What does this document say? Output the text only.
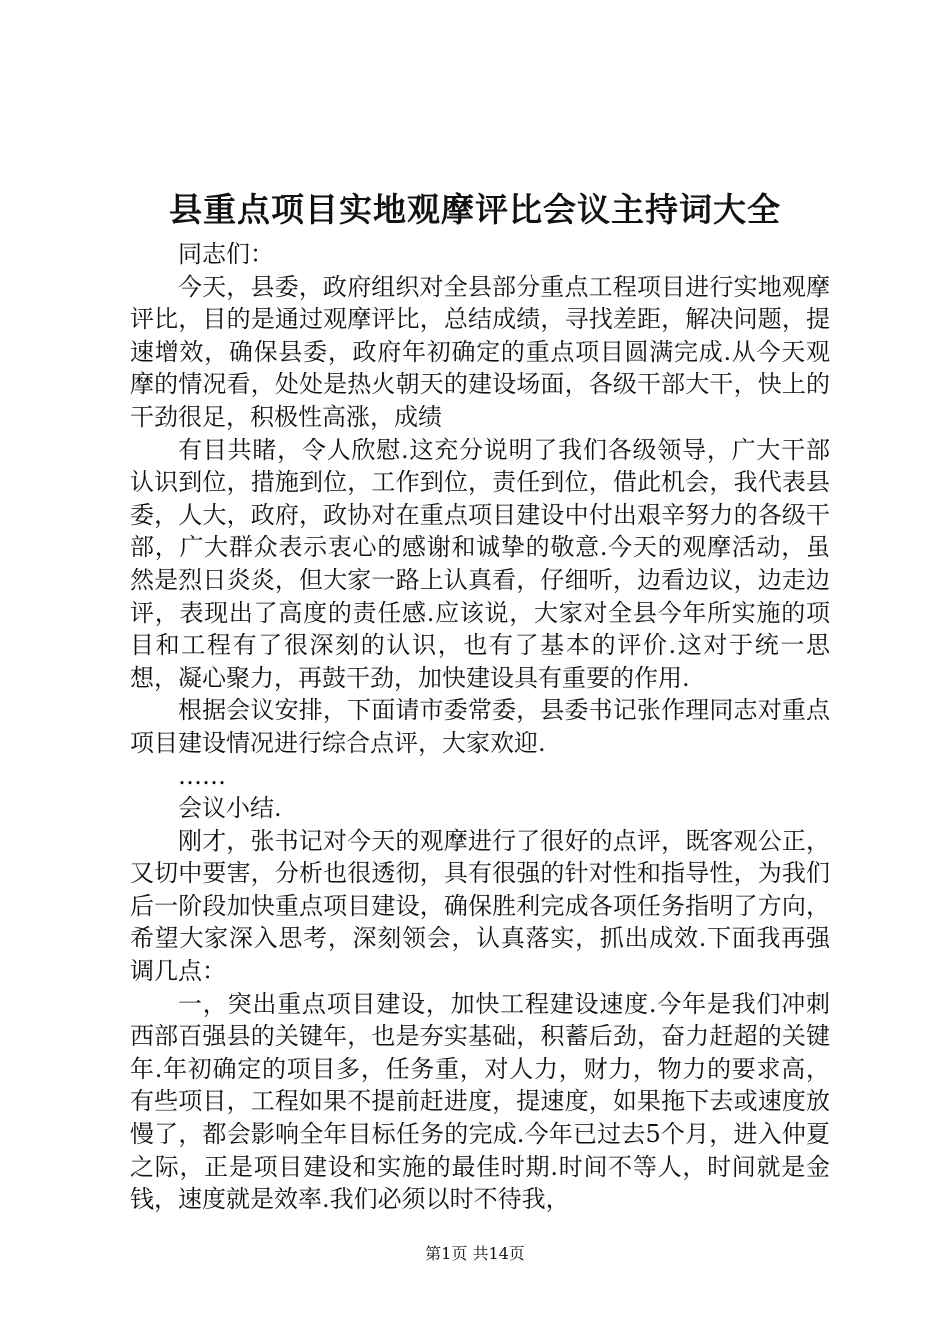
县重点项目实地观摩评比会议主持词大全

同志们：

今天，县委，政府组织对全县部分重点工程项目进行实地观摩评比，目的是通过观摩评比，总结成绩，寻找差距，解决问题，提速增效，确保县委，政府年初确定的重点项目圆满完成.从今天观摩的情况看，处处是热火朝天的建设场面，各级干部大干，快上的干劲很足，积极性高涨，成绩

有目共睹，令人欣慰.这充分说明了我们各级领导，广大干部认识到位，措施到位，工作到位，责任到位，借此机会，我代表县委，人大，政府，政协对在重点项目建设中付出艰辛努力的各级干部，广大群众表示衷心的感谢和诚挚的敬意.今天的观摩活动，虽然是烈日炎炎，但大家一路上认真看，仔细听，边看边议，边走边评，表现出了高度的责任感.应该说，大家对全县今年所实施的项目和工程有了很深刻的认识，也有了基本的评价.这对于统一思想，凝心聚力，再鼓干劲，加快建设具有重要的作用.

根据会议安排，下面请市委常委，县委书记张作理同志对重点项目建设情况进行综合点评，大家欢迎.

……

会议小结.

刚才，张书记对今天的观摩进行了很好的点评，既客观公正，又切中要害，分析也很透彻，具有很强的针对性和指导性，为我们后一阶段加快重点项目建设，确保胜利完成各项任务指明了方向，希望大家深入思考，深刻领会，认真落实，抓出成效.下面我再强调几点：

一，突出重点项目建设，加快工程建设速度.今年是我们冲刺西部百强县的关键年，也是夯实基础，积蓄后劲，奋力赶超的关键年.年初确定的项目多，任务重，对人力，财力，物力的要求高，有些项目，工程如果不提前赶进度，提速度，如果拖下去或速度放慢了，都会影响全年目标任务的完成.今年已过去5个月，进入仲夏之际，正是项目建设和实施的最佳时期.时间不等人，时间就是金钱，速度就是效率.我们必须以时不待我，

第1页 共14页
